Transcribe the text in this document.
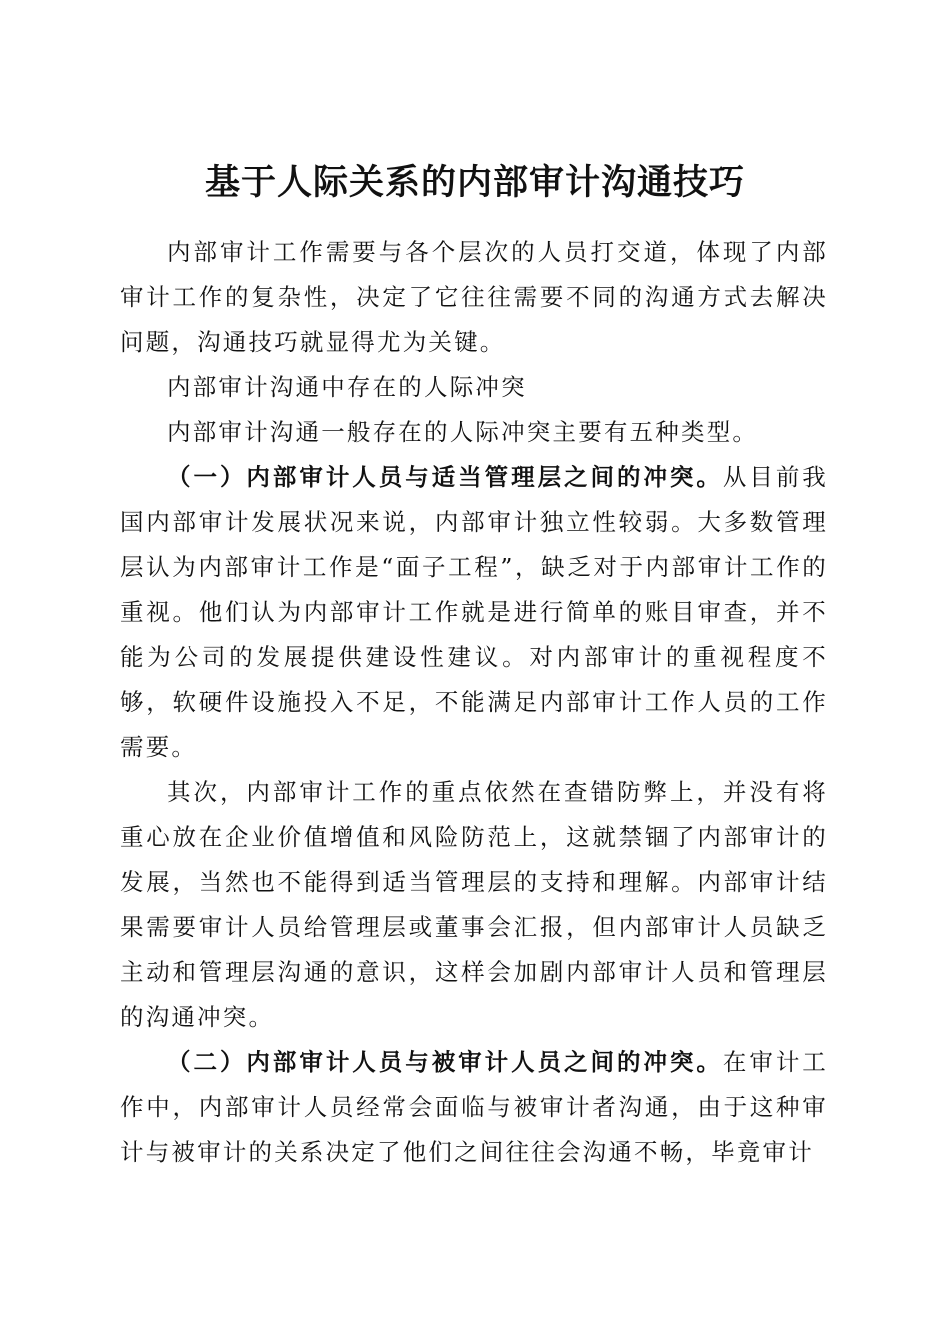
基于人际关系的内部审计沟通技巧

内部审计工作需要与各个层次的人员打交道，体现了内部审计工作的复杂性，决定了它往往需要不同的沟通方式去解决问题，沟通技巧就显得尤为关键。

内部审计沟通中存在的人际冲突

内部审计沟通一般存在的人际冲突主要有五种类型。

（一）内部审计人员与适当管理层之间的冲突。从目前我国内部审计发展状况来说，内部审计独立性较弱。大多数管理层认为内部审计工作是“面子工程”，缺乏对于内部审计工作的重视。他们认为内部审计工作就是进行简单的账目审查，并不能为公司的发展提供建设性建议。对内部审计的重视程度不够，软硬件设施投入不足，不能满足内部审计工作人员的工作需要。

其次，内部审计工作的重点依然在查错防弊上，并没有将重心放在企业价值增值和风险防范上，这就禁锢了内部审计的发展，当然也不能得到适当管理层的支持和理解。内部审计结果需要审计人员给管理层或董事会汇报，但内部审计人员缺乏主动和管理层沟通的意识，这样会加剧内部审计人员和管理层的沟通冲突。

（二）内部审计人员与被审计人员之间的冲突。在审计工作中，内部审计人员经常会面临与被审计者沟通，由于这种审计与被审计的关系决定了他们之间往往会沟通不畅，毕竟审计
